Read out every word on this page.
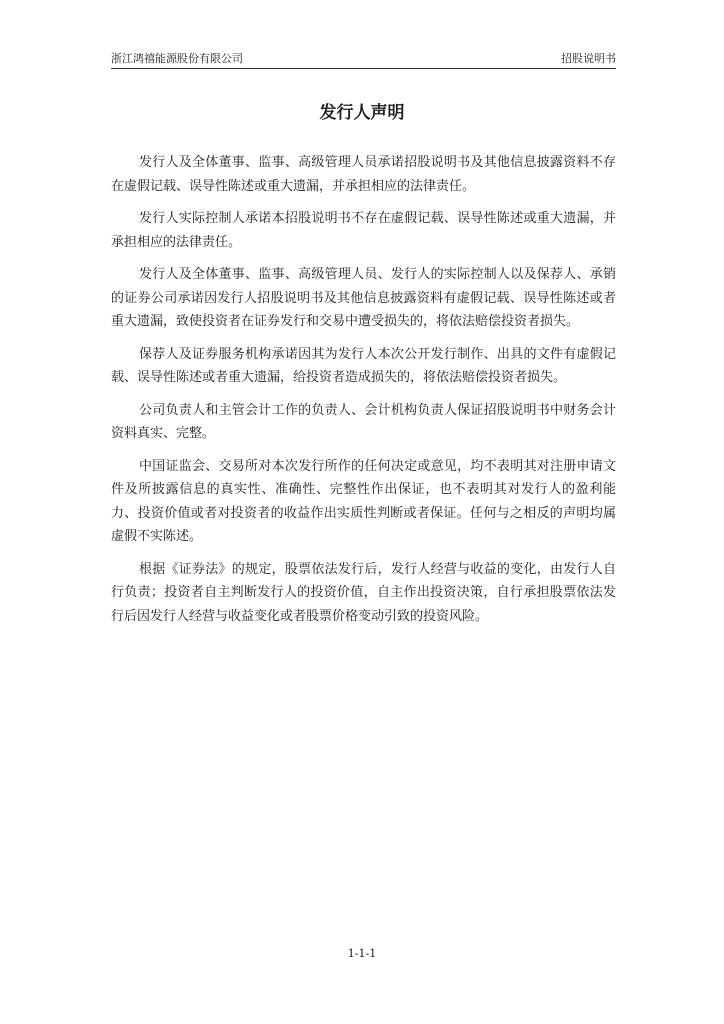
浙江鸿禧能源股份有限公司	招股说明书
发行人声明

发行人及全体董事、监事、高级管理人员承诺招股说明书及其他信息披露资料不存在虚假记载、误导性陈述或重大遗漏，并承担相应的法律责任。

发行人实际控制人承诺本招股说明书不存在虚假记载、误导性陈述或重大遗漏，并承担相应的法律责任。

发行人及全体董事、监事、高级管理人员、发行人的实际控制人以及保荐人、承销的证券公司承诺因发行人招股说明书及其他信息披露资料有虚假记载、误导性陈述或者重大遗漏，致使投资者在证券发行和交易中遭受损失的，将依法赔偿投资者损失。

保荐人及证券服务机构承诺因其为发行人本次公开发行制作、出具的文件有虚假记载、误导性陈述或者重大遗漏，给投资者造成损失的，将依法赔偿投资者损失。

公司负责人和主管会计工作的负责人、会计机构负责人保证招股说明书中财务会计资料真实、完整。

中国证监会、交易所对本次发行所作的任何决定或意见，均不表明其对注册申请文件及所披露信息的真实性、准确性、完整性作出保证，也不表明其对发行人的盈利能力、投资价值或者对投资者的收益作出实质性判断或者保证。任何与之相反的声明均属虚假不实陈述。

根据《证券法》的规定，股票依法发行后，发行人经营与收益的变化，由发行人自行负责；投资者自主判断发行人的投资价值，自主作出投资决策，自行承担股票依法发行后因发行人经营与收益变化或者股票价格变动引致的投资风险。

1-1-1
